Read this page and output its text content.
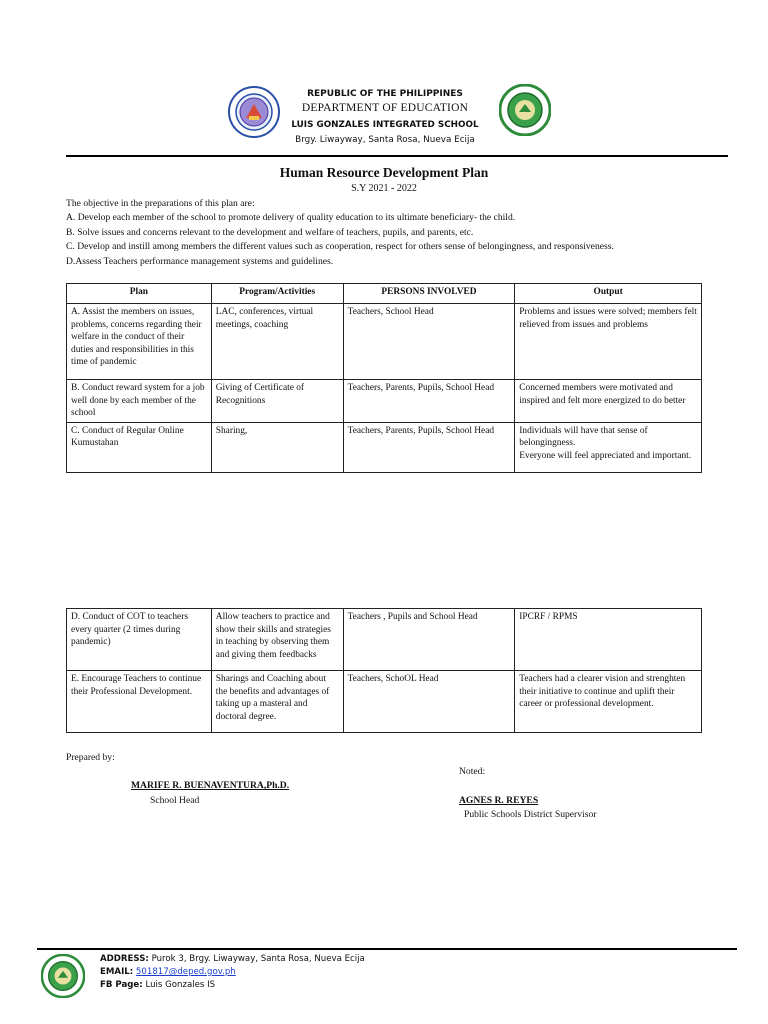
REPUBLIC OF THE PHILIPPINES
DEPARTMENT OF EDUCATION
LUIS GONZALES INTEGRATED SCHOOL
Brgy. Liwayway, Santa Rosa, Nueva Ecija
Human Resource Development Plan
S.Y 2021 - 2022
The objective in the preparations of this plan are:
A. Develop each member of the school to promote delivery of quality education to its ultimate beneficiary- the child.
B. Solve issues and concerns relevant to the development and welfare of teachers, pupils, and parents, etc.
C. Develop and instill among members the different values such as cooperation, respect for others sense of belongingness, and responsiveness.
D.Assess Teachers performance management systems and guidelines.
Plan	Program/Activities	PERSONS INVOLVED	Output
A. Assist the members on issues, problems, concerns regarding their welfare in the conduct of their duties and responsibilities in this time of pandemic	LAC, conferences, virtual meetings, coaching	Teachers, School Head	Problems and issues were solved; members felt relieved from issues and problems
B. Conduct reward system for a job well done by each member of the school	Giving of Certificate of Recognitions	Teachers, Parents, Pupils, School Head	Concerned members were motivated and inspired and felt more energized to do better
C. Conduct of Regular Online Kumustahan	Sharing,	Teachers, Parents, Pupils, School Head	Individuals will have that sense of belongingness.
Everyone will feel appreciated and important.
D. Conduct of COT to teachers every quarter (2 times during pandemic)	Allow teachers to practice and show their skills and strategies in teaching by observing them and giving them feedbacks	Teachers , Pupils and School Head	IPCRF / RPMS
E. Encourage Teachers to continue their Professional Development.	Sharings and Coaching about the benefits and advantages of taking up a masteral and doctoral degree.	Teachers, SchoOL Head	Teachers had a clearer vision and strenghten their initiative to continue and uplift their career or professional development.
Prepared by:
MARIFE R. BUENAVENTURA,Ph.D.
School Head
Noted:
AGNES R. REYES
Public Schools District Supervisor
ADDRESS: Purok 3, Brgy. Liwayway, Santa Rosa, Nueva Ecija
EMAIL: 501817@deped.gov.ph
FB Page: Luis Gonzales IS
